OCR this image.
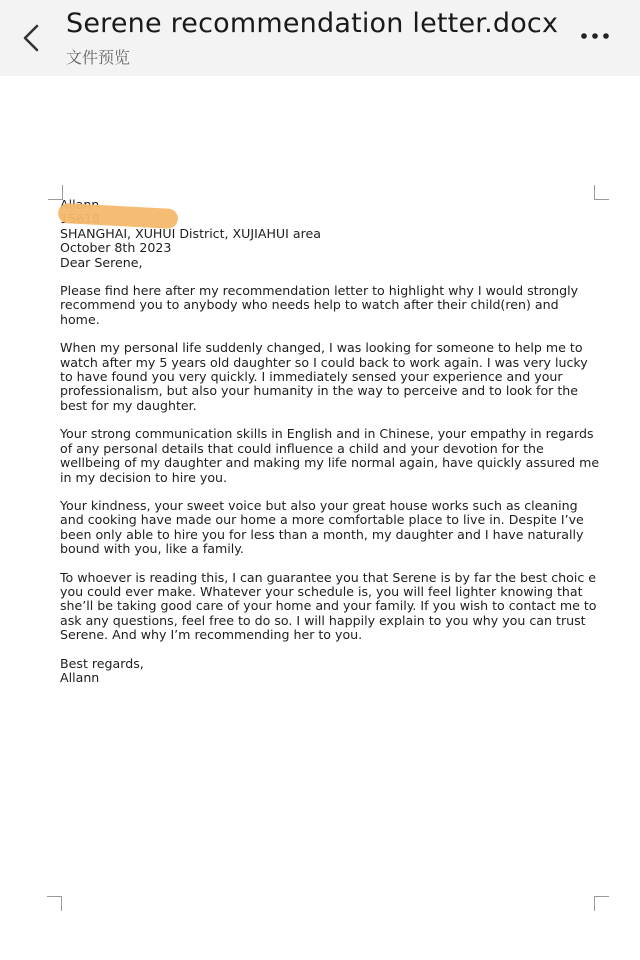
Serene recommendation letter.docx
文件预览
SHANGHAI, XUHUI District, XUJIAHUI area
October 8th 2023
Dear Serene,

Please find here after my recommendation letter to highlight why I would strongly recommend you to anybody who needs help to watch after their child(ren) and home.

When my personal life suddenly changed, I was looking for someone to help me to watch after my 5 years old daughter so I could back to work again. I was very lucky to have found you very quickly. I immediately sensed your experience and your professionalism, but also your humanity in the way to perceive and to look for the best for my daughter.

Your strong communication skills in English and in Chinese, your empathy in regards of any personal details that could influence a child and your devotion for the wellbeing of my daughter and making my life normal again, have quickly assured me in my decision to hire you.

Your kindness, your sweet voice but also your great house works such as cleaning and cooking have made our home a more comfortable place to live in. Despite I’ve been only able to hire you for less than a month, my daughter and I have naturally bound with you, like a family.

To whoever is reading this, I can guarantee you that Serene is by far the best choic e you could ever make. Whatever your schedule is, you will feel lighter knowing that she’ll be taking good care of your home and your family. If you wish to contact me to ask any questions, feel free to do so. I will happily explain to you why you can trust Serene. And why I’m recommending her to you.

Best regards,
Allann
